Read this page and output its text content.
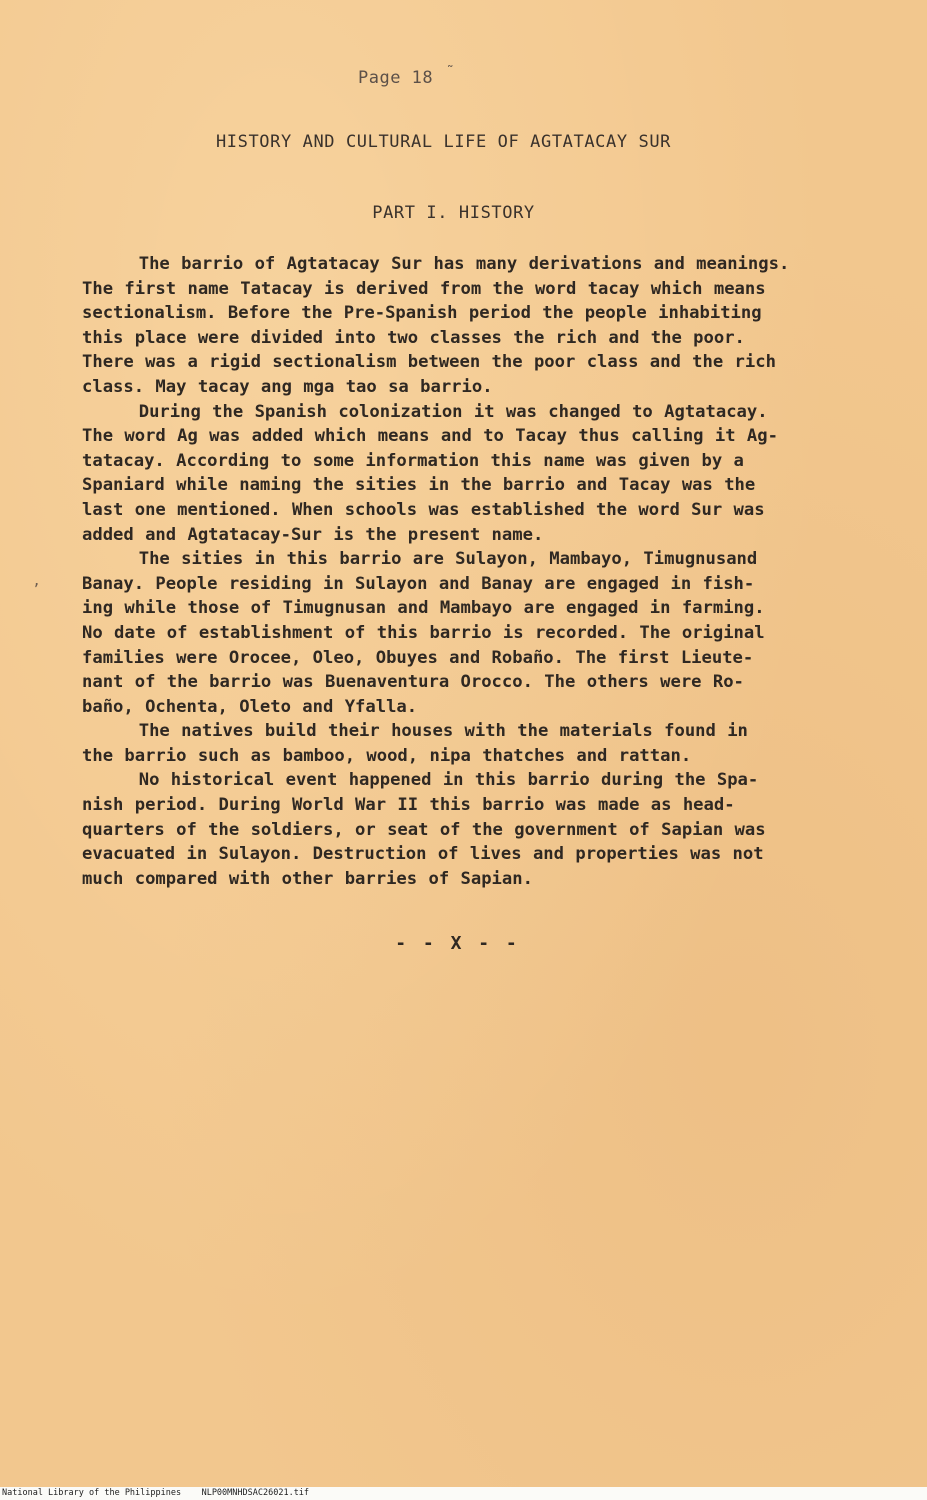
Page 18 ˜
HISTORY AND CULTURAL LIFE OF AGTATACAY SUR
PART I. HISTORY
’
The barrio of Agtatacay Sur has many derivations and meanings.
The first name Tatacay is derived from the word tacay which means
sectionalism. Before the Pre-Spanish period the people inhabiting
this place were divided into two classes the rich and the poor.
There was a rigid sectionalism between the poor class and the rich
class. May tacay ang mga tao sa barrio.
During the Spanish colonization it was changed to Agtatacay.
The word Ag was added which means and to Tacay thus calling it Ag-
tatacay. According to some information this name was given by a
Spaniard while naming the sities in the barrio and Tacay was the
last one mentioned. When schools was established the word Sur was
added and Agtatacay-Sur is the present name.
The sities in this barrio are Sulayon, Mambayo, Timugnusand
Banay. People residing in Sulayon and Banay are engaged in fish-
ing while those of Timugnusan and Mambayo are engaged in farming.
No date of establishment of this barrio is recorded. The original
families were Orocee, Oleo, Obuyes and Robaño. The first Lieute-
nant of the barrio was Buenaventura Orocco. The others were Ro-
baño, Ochenta, Oleto and Yfalla.
The natives build their houses with the materials found in
the barrio such as bamboo, wood, nipa thatches and rattan.
No historical event happened in this barrio during the Spa-
nish period. During World War II this barrio was made as head-
quarters of the soldiers, or seat of the government of Sapian was
evacuated in Sulayon. Destruction of lives and properties was not
much compared with other barries of Sapian.
- - X - -
National Library of the Philippines    NLP00MNHDSAC26021.tif
